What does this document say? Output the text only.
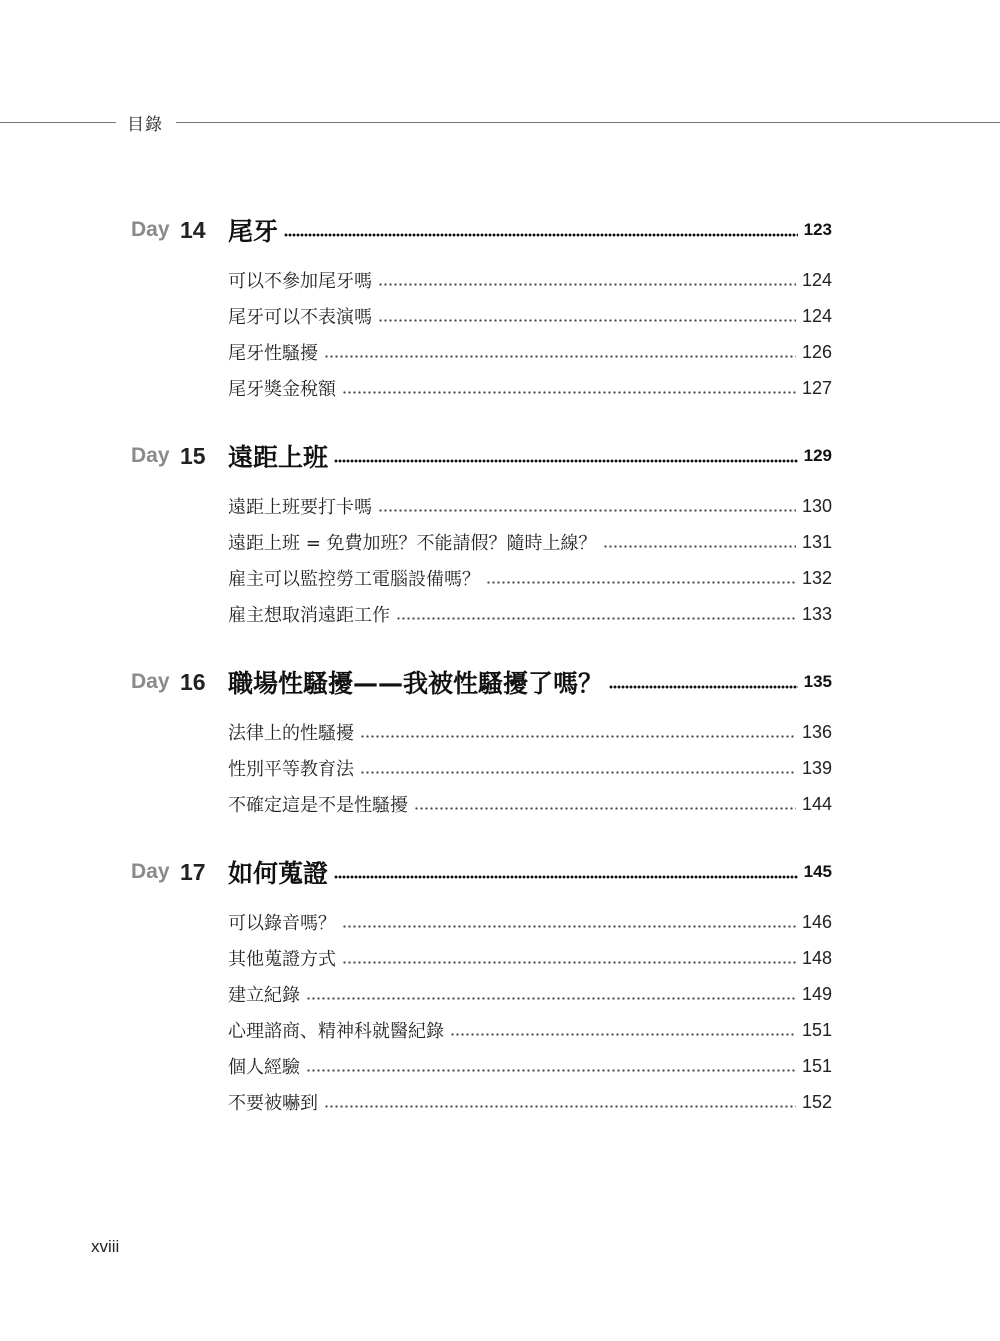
目錄
Day 14 尾牙	123
可以不參加尾牙嗎	124
尾牙可以不表演嗎	124
尾牙性騷擾	126
尾牙獎金稅額	127
Day 15 遠距上班	129
遠距上班要打卡嗎	130
遠距上班 = 免費加班？不能請假？隨時上線？	131
雇主可以監控勞工電腦設備嗎？	132
雇主想取消遠距工作	133
Day 16 職場性騷擾——我被性騷擾了嗎？	135
法律上的性騷擾	136
性別平等教育法	139
不確定這是不是性騷擾	144
Day 17 如何蒐證	145
可以錄音嗎？	146
其他蒐證方式	148
建立紀錄	149
心理諮商、精神科就醫紀錄	151
個人經驗	151
不要被嚇到	152
xviii
